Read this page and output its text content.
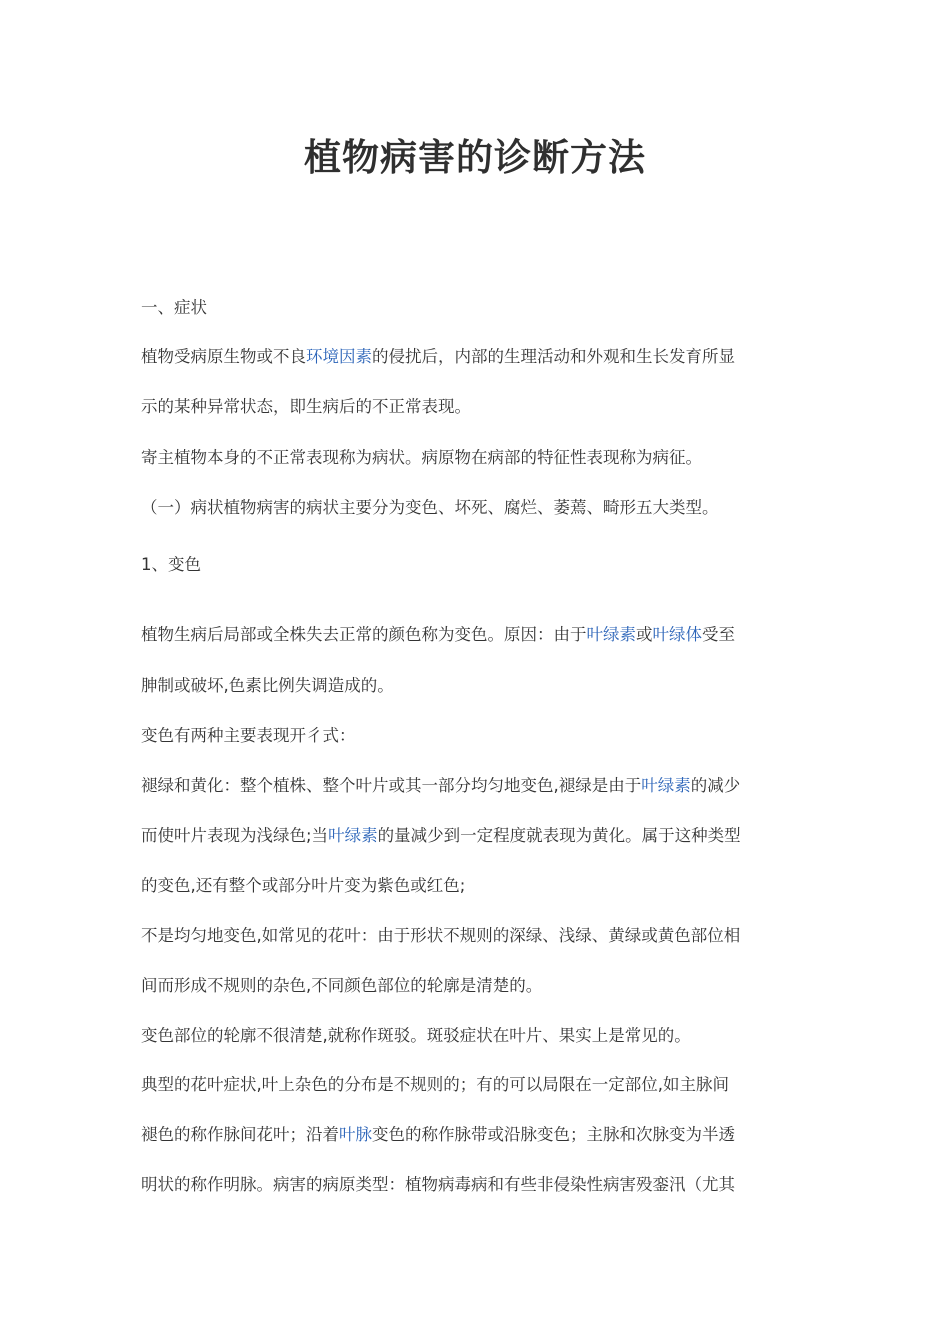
植物病害的诊断方法
一、症状
植物受病原生物或不良环境因素的侵扰后，内部的生理活动和外观和生长发育所显
示的某种异常状态，即生病后的不正常表现。
寄主植物本身的不正常表现称为病状。病原物在病部的特征性表现称为病征。
（一）病状植物病害的病状主要分为变色、坏死、腐烂、萎蔫、畸形五大类型。
1、变色
植物生病后局部或全株失去正常的颜色称为变色。原因：由于叶绿素或叶绿体受至
胂制或破坏,色素比例失调造成的。
变色有两种主要表现开彳式：
褪绿和黄化：整个植株、整个叶片或其一部分均匀地变色,褪绿是由于叶绿素的减少
而使叶片表现为浅绿色;当叶绿素的量减少到一定程度就表现为黄化。属于这种类型
的变色,还有整个或部分叶片变为紫色或红色;
不是均匀地变色,如常见的花叶：由于形状不规则的深绿、浅绿、黄绿或黄色部位相
间而形成不规则的杂色,不同颜色部位的轮廓是清楚的。
变色部位的轮廓不很清楚,就称作斑驳。斑驳症状在叶片、果实上是常见的。
典型的花叶症状,叶上杂色的分布是不规则的；有的可以局限在一定部位,如主脉间
褪色的称作脉间花叶；沿着叶脉变色的称作脉带或沿脉变色；主脉和次脉变为半透
明状的称作明脉。病害的病原类型：植物病毒病和有些非侵染性病害殁銮汛（尤其
